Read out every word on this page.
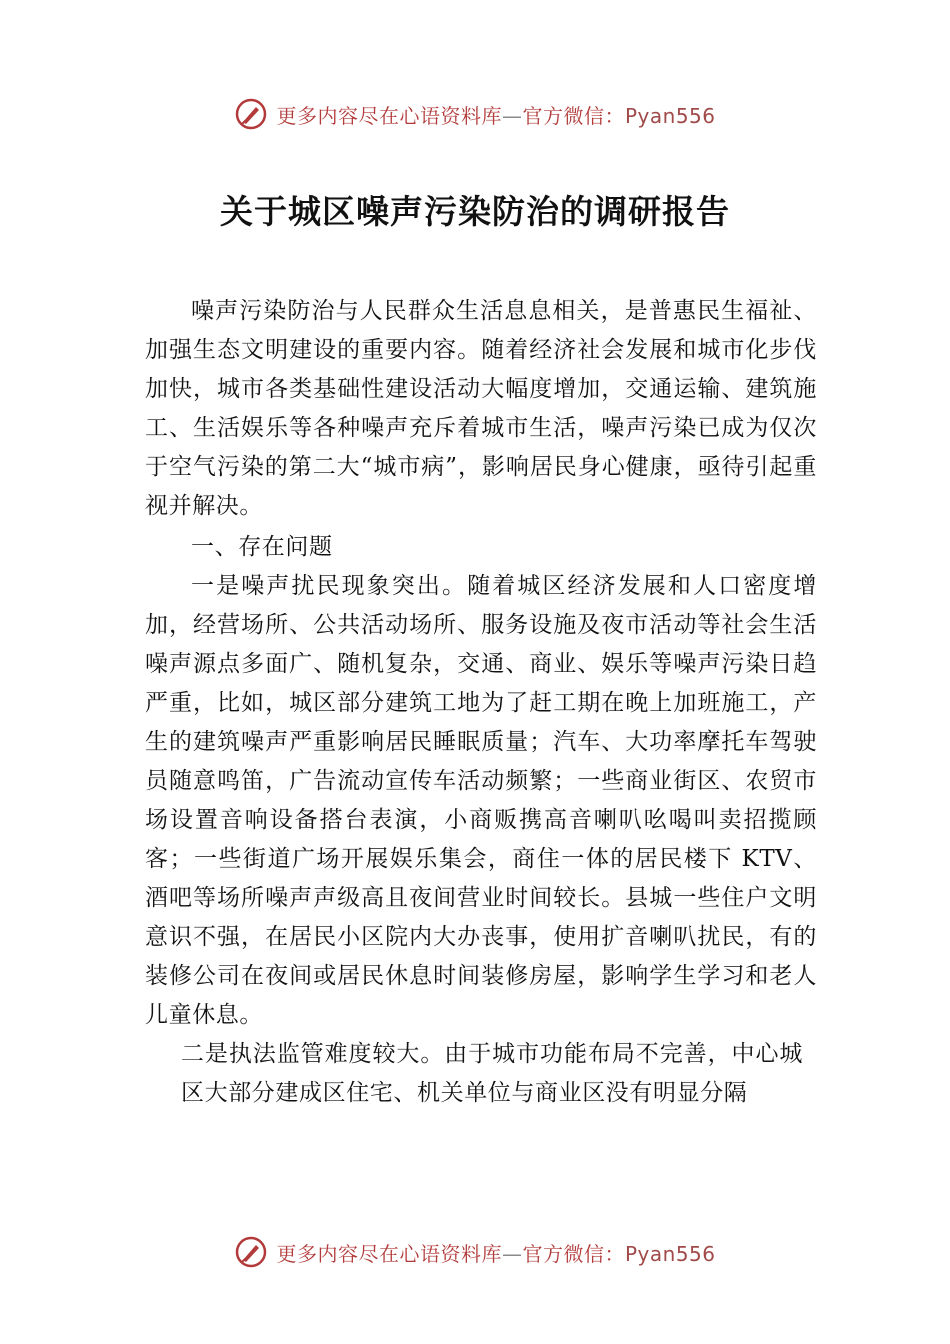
更多内容尽在心语资料库—官方微信：Pyan556
关于城区噪声污染防治的调研报告

噪声污染防治与人民群众生活息息相关，是普惠民生福祉、加强生态文明建设的重要内容。随着经济社会发展和城市化步伐加快，城市各类基础性建设活动大幅度增加，交通运输、建筑施工、生活娱乐等各种噪声充斥着城市生活，噪声污染已成为仅次于空气污染的第二大“城市病”，影响居民身心健康，亟待引起重视并解决。

一、存在问题

一是噪声扰民现象突出。随着城区经济发展和人口密度增加，经营场所、公共活动场所、服务设施及夜市活动等社会生活噪声源点多面广、随机复杂，交通、商业、娱乐等噪声污染日趋严重，比如，城区部分建筑工地为了赶工期在晚上加班施工，产生的建筑噪声严重影响居民睡眠质量；汽车、大功率摩托车驾驶员随意鸣笛，广告流动宣传车活动频繁；一些商业街区、农贸市场设置音响设备搭台表演，小商贩携高音喇叭吆喝叫卖招揽顾客；一些街道广场开展娱乐集会，商住一体的居民楼下 KTV、酒吧等场所噪声声级高且夜间营业时间较长。县城一些住户文明意识不强，在居民小区院内大办丧事，使用扩音喇叭扰民，有的装修公司在夜间或居民休息时间装修房屋，影响学生学习和老人儿童休息。

二是执法监管难度较大。由于城市功能布局不完善，中心城区大部分建成区住宅、机关单位与商业区没有明显分隔

更多内容尽在心语资料库—官方微信：Pyan556
